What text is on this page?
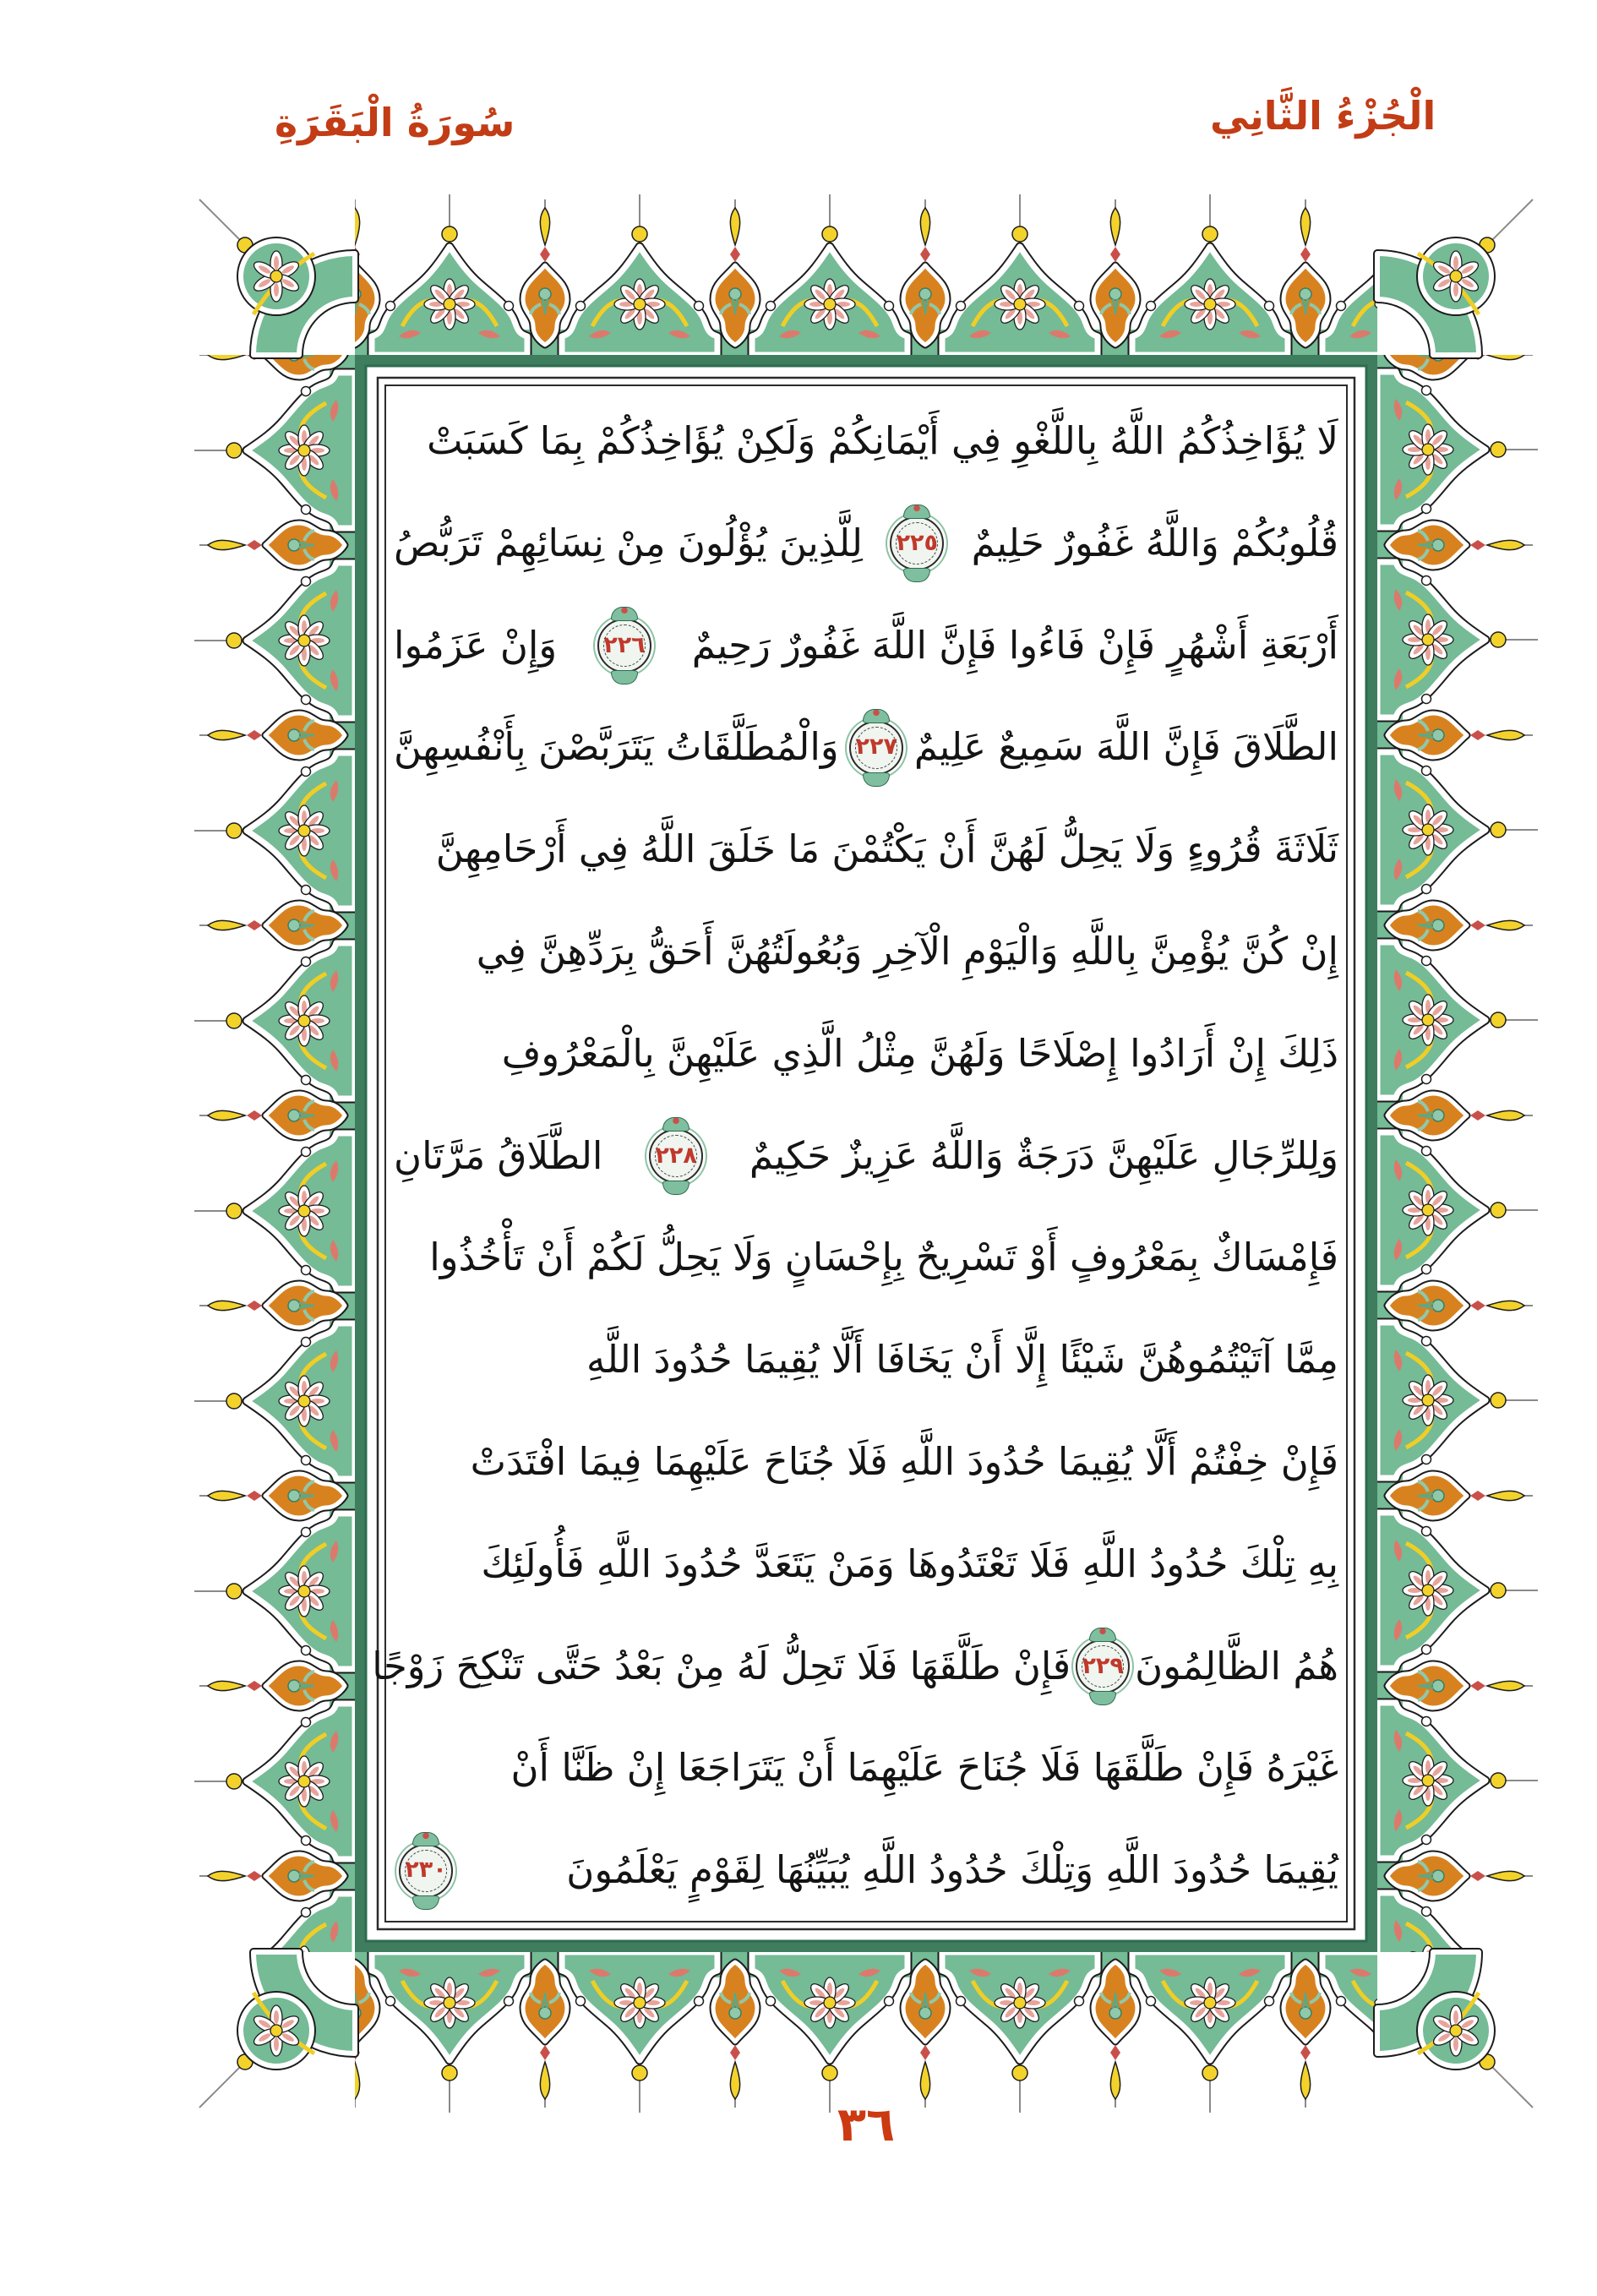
سُورَةُ الْبَقَرَةِ	الْجُزْءُ الثَّانِي
لَا يُؤَاخِذُكُمُ اللَّهُ بِاللَّغْوِ فِي أَيْمَانِكُمْ وَلَكِنْ يُؤَاخِذُكُمْ بِمَا كَسَبَتْ
قُلُوبُكُمْ وَاللَّهُ غَفُورٌ حَلِيمٌ
٢٢٥
لِلَّذِينَ يُؤْلُونَ مِنْ نِسَائِهِمْ تَرَبُّصُ
أَرْبَعَةِ أَشْهُرٍ فَإِنْ فَاءُوا فَإِنَّ اللَّهَ غَفُورٌ رَحِيمٌ
٢٢٦
وَإِنْ عَزَمُوا
الطَّلَاقَ فَإِنَّ اللَّهَ سَمِيعٌ عَلِيمٌ
٢٢٧
وَالْمُطَلَّقَاتُ يَتَرَبَّصْنَ بِأَنْفُسِهِنَّ
ثَلَاثَةَ قُرُوءٍ وَلَا يَحِلُّ لَهُنَّ أَنْ يَكْتُمْنَ مَا خَلَقَ اللَّهُ فِي أَرْحَامِهِنَّ
إِنْ كُنَّ يُؤْمِنَّ بِاللَّهِ وَالْيَوْمِ الْآخِرِ وَبُعُولَتُهُنَّ أَحَقُّ بِرَدِّهِنَّ فِي
ذَلِكَ إِنْ أَرَادُوا إِصْلَاحًا وَلَهُنَّ مِثْلُ الَّذِي عَلَيْهِنَّ بِالْمَعْرُوفِ
وَلِلرِّجَالِ عَلَيْهِنَّ دَرَجَةٌ وَاللَّهُ عَزِيزٌ حَكِيمٌ
٢٢٨
الطَّلَاقُ مَرَّتَانِ
فَإِمْسَاكٌ بِمَعْرُوفٍ أَوْ تَسْرِيحٌ بِإِحْسَانٍ وَلَا يَحِلُّ لَكُمْ أَنْ تَأْخُذُوا
مِمَّا آتَيْتُمُوهُنَّ شَيْئًا إِلَّا أَنْ يَخَافَا أَلَّا يُقِيمَا حُدُودَ اللَّهِ
فَإِنْ خِفْتُمْ أَلَّا يُقِيمَا حُدُودَ اللَّهِ فَلَا جُنَاحَ عَلَيْهِمَا فِيمَا افْتَدَتْ
بِهِ تِلْكَ حُدُودُ اللَّهِ فَلَا تَعْتَدُوهَا وَمَنْ يَتَعَدَّ حُدُودَ اللَّهِ فَأُولَئِكَ
هُمُ الظَّالِمُونَ
٢٢٩
فَإِنْ طَلَّقَهَا فَلَا تَحِلُّ لَهُ مِنْ بَعْدُ حَتَّى تَنْكِحَ زَوْجًا
غَيْرَهُ فَإِنْ طَلَّقَهَا فَلَا جُنَاحَ عَلَيْهِمَا أَنْ يَتَرَاجَعَا إِنْ ظَنَّا أَنْ
يُقِيمَا حُدُودَ اللَّهِ وَتِلْكَ حُدُودُ اللَّهِ يُبَيِّنُهَا لِقَوْمٍ يَعْلَمُونَ
٢٣٠
٣٦
